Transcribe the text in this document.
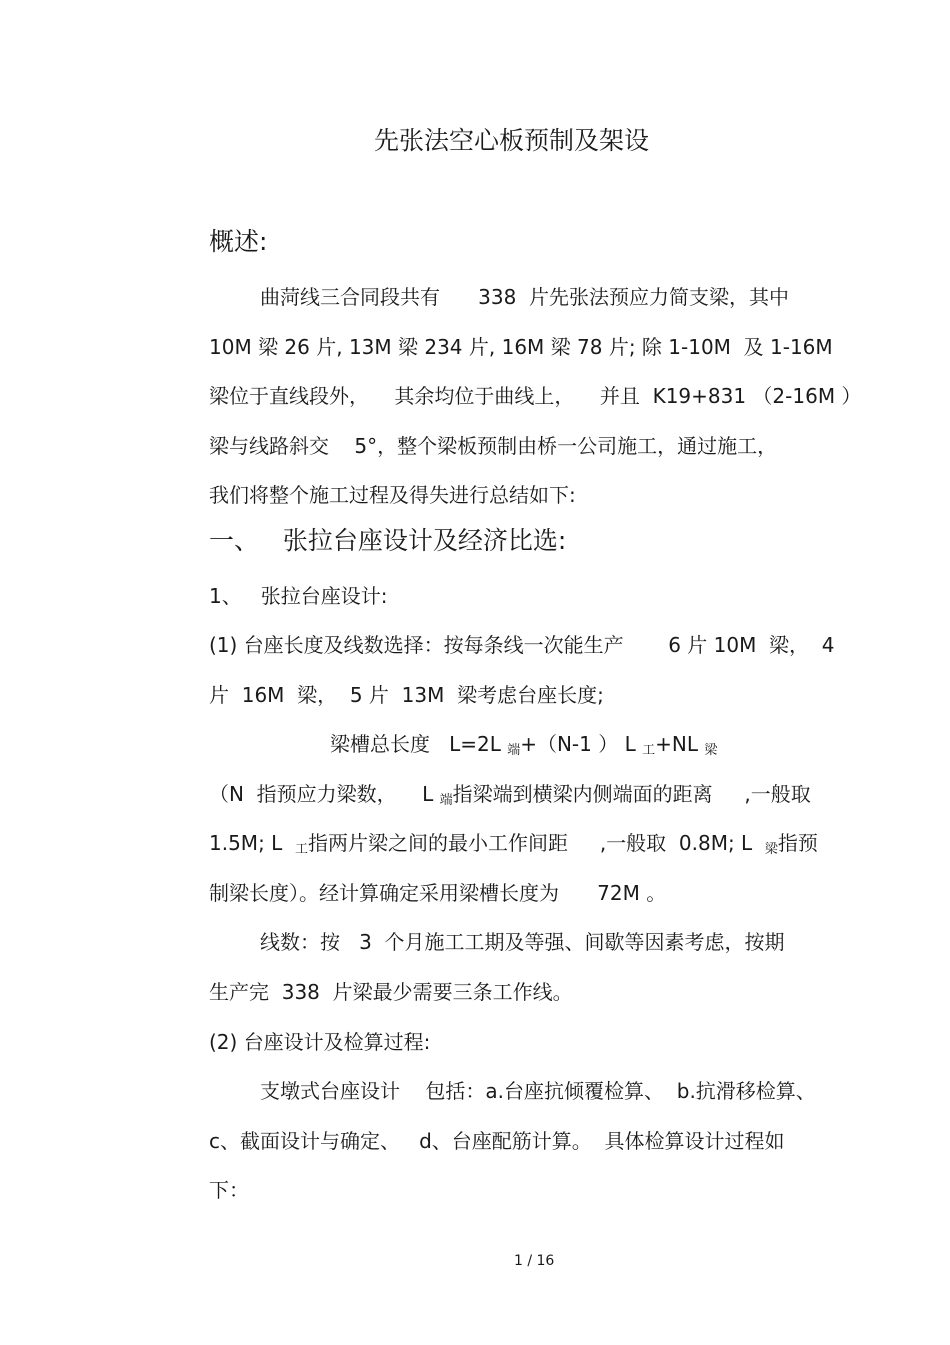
先张法空心板预制及架设
概述:
曲菏线三合同段共有      338  片先张法预应力简支梁，其中
10M 梁 26 片, 13M 梁 234 片, 16M 梁 78 片; 除 1-10M  及 1-16M
梁位于直线段外，    其余均位于曲线上，    并且  K19+831 （2-16M ）
梁与线路斜交    5°，整个梁板预制由桥一公司施工，通过施工，
我们将整个施工过程及得失进行总结如下:
一、   张拉台座设计及经济比选:
1、   张拉台座设计:
(1) 台座长度及线数选择：按每条线一次能生产       6 片 10M  梁，  4
片  16M  梁，  5 片  13M  梁考虑台座长度;
梁槽总长度   L=2L 端+（N-1 ） L 工+NL 梁
（N  指预应力梁数，    L 端指梁端到横梁内侧端面的距离     ,一般取
1.5M; L  工指两片梁之间的最小工作间距     ,一般取  0.8M; L  梁指预
制梁长度）。经计算确定采用梁槽长度为      72M 。
线数：按   3  个月施工工期及等强、间歇等因素考虑，按期
生产完  338  片梁最少需要三条工作线。
(2) 台座设计及检算过程:
支墩式台座设计    包括：a.台座抗倾覆检算、  b.抗滑移检算、
c、截面设计与确定、   d、台座配筋计算。  具体检算设计过程如
下：
1 / 16
